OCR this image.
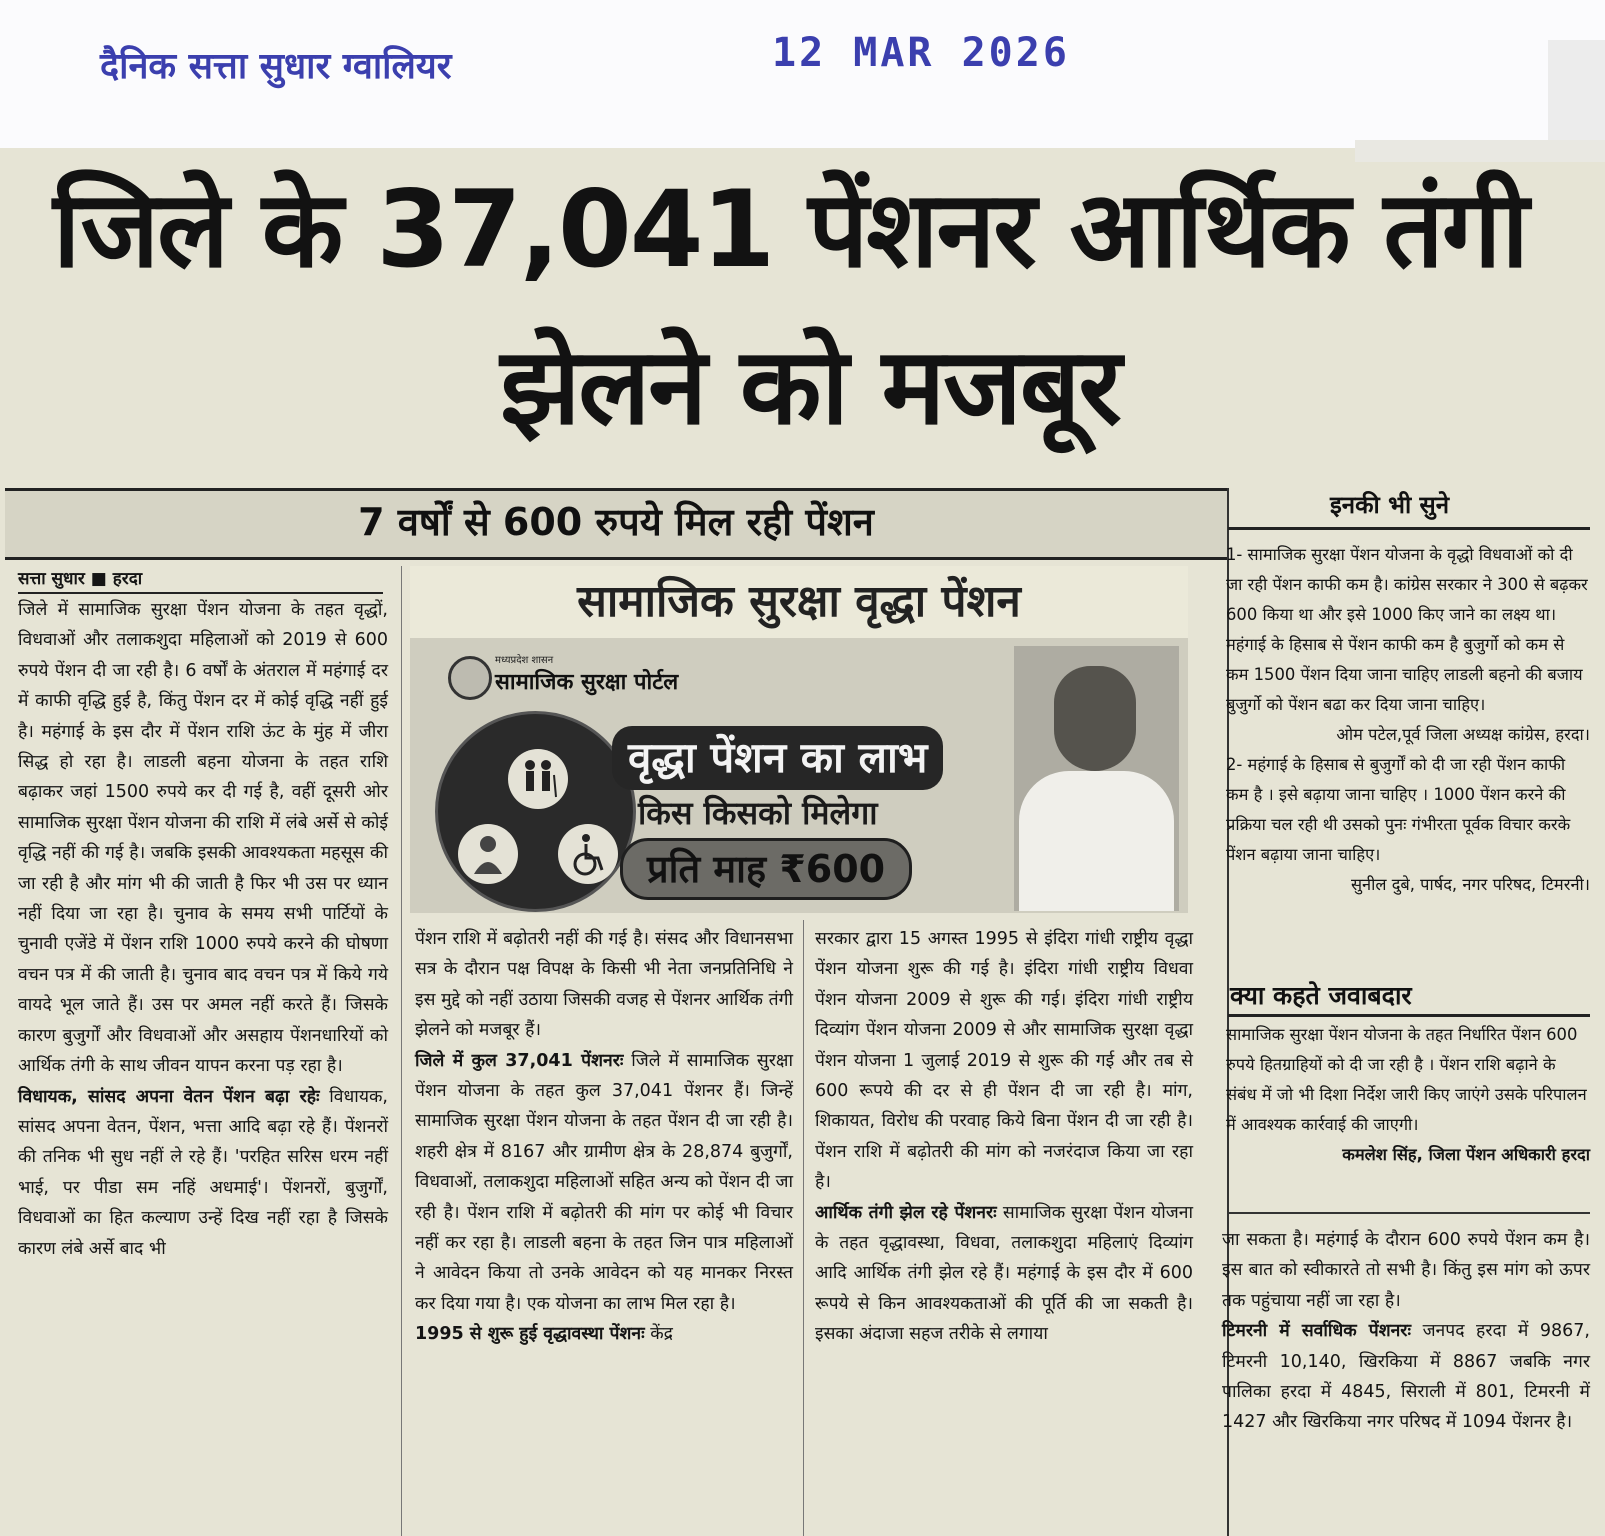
दैनिक सत्ता सुधार ग्वालियर	12 MAR 2026
जिले के 37,041 पेंशनर आर्थिक तंगी
झेलने को मजबूर
7 वर्षों से 600 रुपये मिल रही पेंशन
सत्ता सुधार ■ हरदा

जिले में सामाजिक सुरक्षा पेंशन योजना के तहत वृद्धों, विधवाओं और तलाकशुदा महिलाओं को 2019 से 600 रुपये पेंशन दी जा रही है। 6 वर्षों के अंतराल में महंगाई दर में काफी वृद्धि हुई है, किंतु पेंशन दर में कोई वृद्धि नहीं हुई है। महंगाई के इस दौर में पेंशन राशि ऊंट के मुंह में जीरा सिद्ध हो रहा है। लाडली बहना योजना के तहत राशि बढ़ाकर जहां 1500 रुपये कर दी गई है, वहीं दूसरी ओर सामाजिक सुरक्षा पेंशन योजना की राशि में लंबे अर्से से कोई वृद्धि नहीं की गई है। जबकि इसकी आवश्यकता महसूस की जा रही है और मांग भी की जाती है फिर भी उस पर ध्यान नहीं दिया जा रहा है। चुनाव के समय सभी पार्टियों के चुनावी एजेंडे में पेंशन राशि 1000 रुपये करने की घोषणा वचन पत्र में की जाती है। चुनाव बाद वचन पत्र में किये गये वायदे भूल जाते हैं। उस पर अमल नहीं करते हैं। जिसके कारण बुजुर्गों और विधवाओं और असहाय पेंशनधारियों को आर्थिक तंगी के साथ जीवन यापन करना पड़ रहा है।

विधायक, सांसद अपना वेतन पेंशन बढ़ा रहेः विधायक, सांसद अपना वेतन, पेंशन, भत्ता आदि बढ़ा रहे हैं। पेंशनरों की तनिक भी सुध नहीं ले रहे हैं। 'परहित सरिस धरम नहीं भाई, पर पीडा सम नहिं अधमाई'। पेंशनरों, बुजुर्गों, विधवाओं का हित कल्याण उन्हें दिख नहीं रहा है जिसके कारण लंबे अर्से बाद भी

सामाजिक सुरक्षा वृद्धा पेंशन
मध्यप्रदेश शासन
सामाजिक सुरक्षा पोर्टल
वृद्धा पेंशन का लाभ
किस किसको मिलेगा
प्रति माह ₹600

पेंशन राशि में बढ़ोतरी नहीं की गई है। संसद और विधानसभा सत्र के दौरान पक्ष विपक्ष के किसी भी नेता जनप्रतिनिधि ने इस मुद्दे को नहीं उठाया जिसकी वजह से पेंशनर आर्थिक तंगी झेलने को मजबूर हैं।

जिले में कुल 37,041 पेंशनरः जिले में सामाजिक सुरक्षा पेंशन योजना के तहत कुल 37,041 पेंशनर हैं। जिन्हें सामाजिक सुरक्षा पेंशन योजना के तहत पेंशन दी जा रही है। शहरी क्षेत्र में 8167 और ग्रामीण क्षेत्र के 28,874 बुजुर्गों, विधवाओं, तलाकशुदा महिलाओं सहित अन्य को पेंशन दी जा रही है। पेंशन राशि में बढ़ोतरी की मांग पर कोई भी विचार नहीं कर रहा है। लाडली बहना के तहत जिन पात्र महिलाओं ने आवेदन किया तो उनके आवेदन को यह मानकर निरस्त कर दिया गया है। एक योजना का लाभ मिल रहा है।

1995 से शुरू हुई वृद्धावस्था पेंशनः केंद्र

सरकार द्वारा 15 अगस्त 1995 से इंदिरा गांधी राष्ट्रीय वृद्धा पेंशन योजना शुरू की गई है। इंदिरा गांधी राष्ट्रीय विधवा पेंशन योजना 2009 से शुरू की गई। इंदिरा गांधी राष्ट्रीय दिव्यांग पेंशन योजना 2009 से और सामाजिक सुरक्षा वृद्धा पेंशन योजना 1 जुलाई 2019 से शुरू की गई और तब से 600 रूपये की दर से ही पेंशन दी जा रही है। मांग, शिकायत, विरोध की परवाह किये बिना पेंशन दी जा रही है। पेंशन राशि में बढ़ोतरी की मांग को नजरंदाज किया जा रहा है।

आर्थिक तंगी झेल रहे पेंशनरः सामाजिक सुरक्षा पेंशन योजना के तहत वृद्धावस्था, विधवा, तलाकशुदा महिलाएं दिव्यांग आदि आर्थिक तंगी झेल रहे हैं। महंगाई के इस दौर में 600 रूपये से किन आवश्यकताओं की पूर्ति की जा सकती है। इसका अंदाजा सहज तरीके से लगाया

इनकी भी सुने

1- सामाजिक सुरक्षा पेंशन योजना के वृद्धो विधवाओं को दी जा रही पेंशन काफी कम है। कांग्रेस सरकार ने 300 से बढ़कर 600 किया था और इसे 1000 किए जाने का लक्ष्य था। महंगाई के हिसाब से पेंशन काफी कम है बुजुर्गो को कम से कम 1500 पेंशन दिया जाना चाहिए लाडली बहनो की बजाय बुजुर्गो को पेंशन बढा कर दिया जाना चाहिए।

ओम पटेल,पूर्व जिला अध्यक्ष कांग्रेस, हरदा।

2- महंगाई के हिसाब से बुजुर्गों को दी जा रही पेंशन काफी कम है । इसे बढ़ाया जाना चाहिए । 1000 पेंशन करने की प्रक्रिया चल रही थी उसको पुनः गंभीरता पूर्वक विचार करके पेंशन बढ़ाया जाना चाहिए।

सुनील दुबे, पार्षद, नगर परिषद, टिमरनी।

क्या कहते जवाबदार

सामाजिक सुरक्षा पेंशन योजना के तहत निर्धारित पेंशन 600 रुपये हितग्राहियों को दी जा रही है । पेंशन राशि बढ़ाने के संबंध में जो भी दिशा निर्देश जारी किए जाएंगे उसके परिपालन में आवश्यक कार्रवाई की जाएगी।

कमलेश सिंह, जिला पेंशन अधिकारी हरदा

जा सकता है। महंगाई के दौरान 600 रुपये पेंशन कम है। इस बात को स्वीकारते तो सभी है। किंतु इस मांग को ऊपर तक पहुंचाया नहीं जा रहा है।

टिमरनी में सर्वाधिक पेंशनरः जनपद हरदा में 9867, टिमरनी 10,140, खिरकिया में 8867 जबकि नगर पालिका हरदा में 4845, सिराली में 801, टिमरनी में 1427 और खिरकिया नगर परिषद में 1094 पेंशनर है।
